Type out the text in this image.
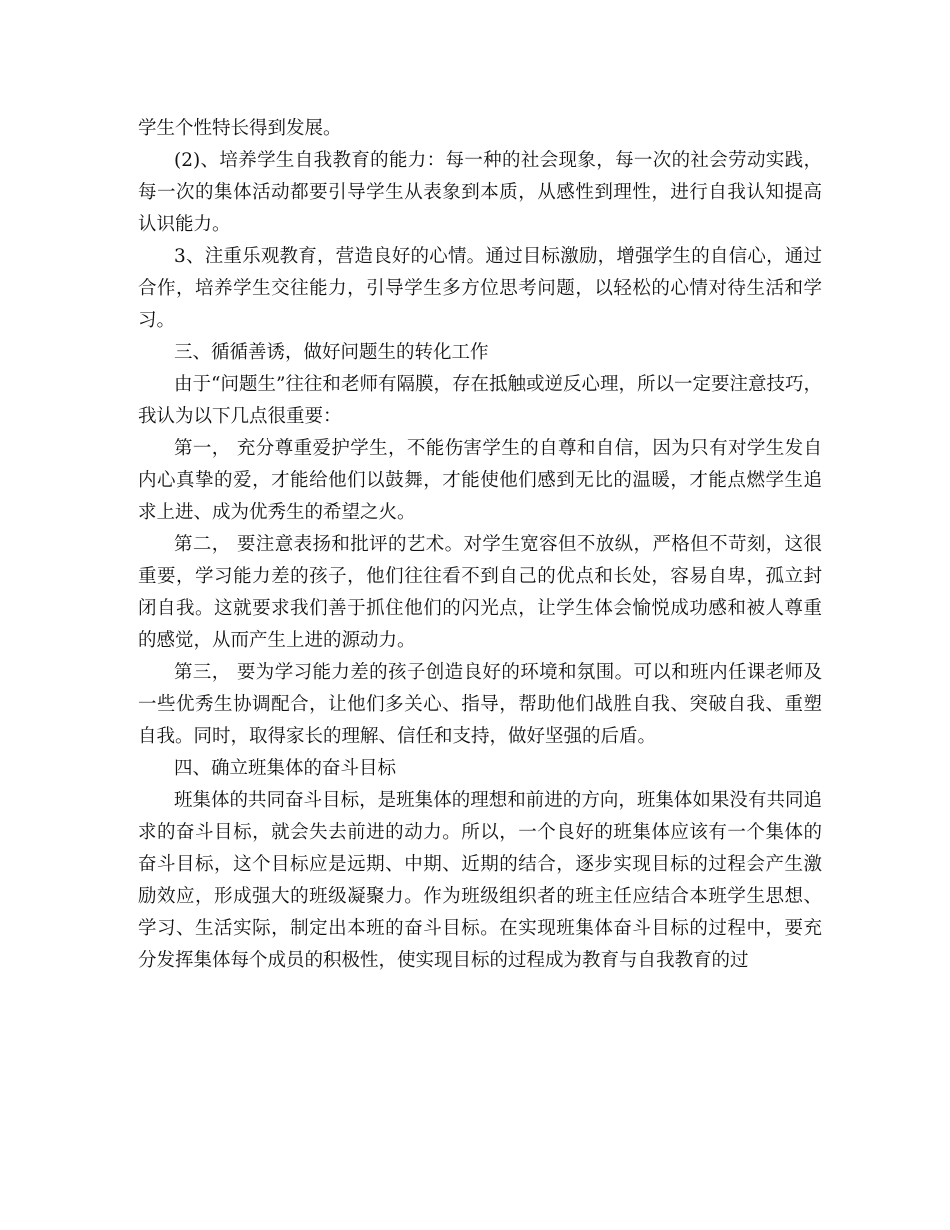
学生个性特长得到发展。

(2)、培养学生自我教育的能力：每一种的社会现象，每一次的社会劳动实践，每一次的集体活动都要引导学生从表象到本质，从感性到理性，进行自我认知提高认识能力。

3、注重乐观教育，营造良好的心情。通过目标激励，增强学生的自信心，通过合作，培养学生交往能力，引导学生多方位思考问题，以轻松的心情对待生活和学习。

三、循循善诱，做好问题生的转化工作

由于“问题生”往往和老师有隔膜，存在抵触或逆反心理，所以一定要注意技巧，我认为以下几点很重要：

第一， 充分尊重爱护学生，不能伤害学生的自尊和自信，因为只有对学生发自内心真挚的爱，才能给他们以鼓舞，才能使他们感到无比的温暖，才能点燃学生追求上进、成为优秀生的希望之火。

第二， 要注意表扬和批评的艺术。对学生宽容但不放纵，严格但不苛刻，这很重要，学习能力差的孩子，他们往往看不到自己的优点和长处，容易自卑，孤立封闭自我。这就要求我们善于抓住他们的闪光点，让学生体会愉悦成功感和被人尊重的感觉，从而产生上进的源动力。

第三， 要为学习能力差的孩子创造良好的环境和氛围。可以和班内任课老师及一些优秀生协调配合，让他们多关心、指导，帮助他们战胜自我、突破自我、重塑自我。同时，取得家长的理解、信任和支持，做好坚强的后盾。

四、确立班集体的奋斗目标

班集体的共同奋斗目标，是班集体的理想和前进的方向，班集体如果没有共同追求的奋斗目标，就会失去前进的动力。所以，一个良好的班集体应该有一个集体的奋斗目标，这个目标应是远期、中期、近期的结合，逐步实现目标的过程会产生激励效应，形成强大的班级凝聚力。作为班级组织者的班主任应结合本班学生思想、学习、生活实际，制定出本班的奋斗目标。在实现班集体奋斗目标的过程中，要充分发挥集体每个成员的积极性，使实现目标的过程成为教育与自我教育的过
